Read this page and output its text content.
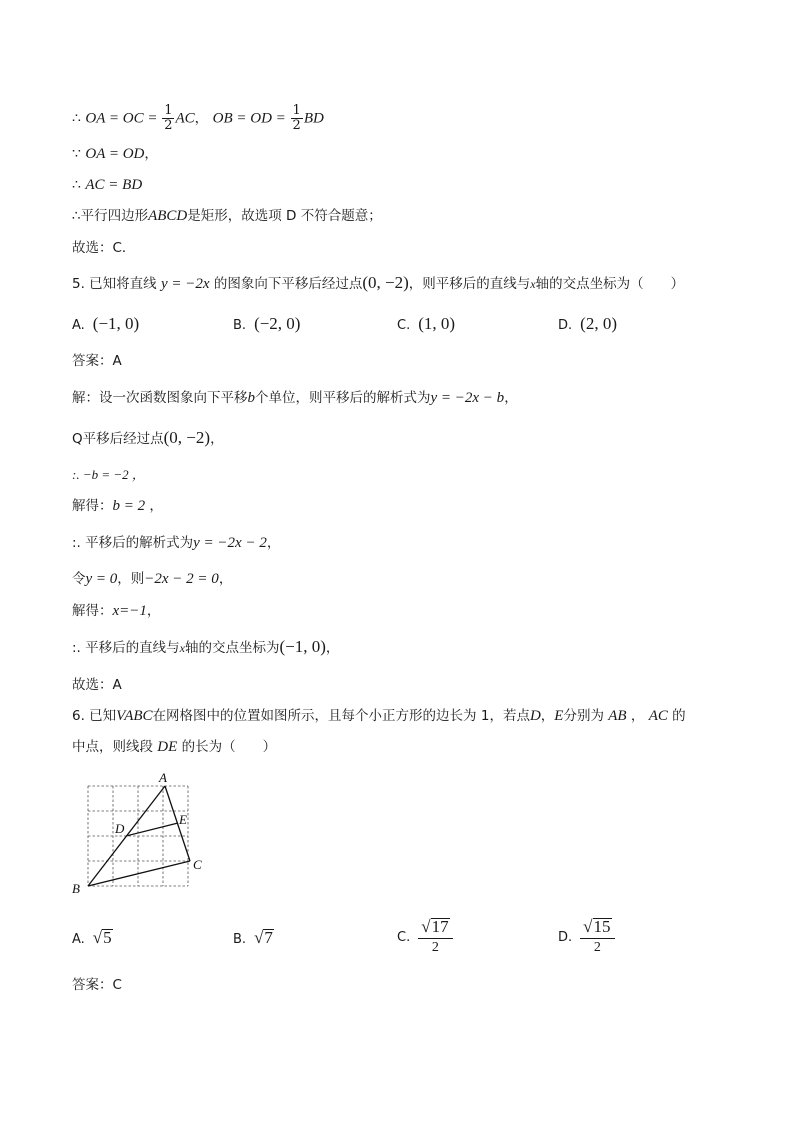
∴ OA = OC = $\frac{1}{2}$ AC， OB = OD = $\frac{1}{2}$ BD
∵ OA = OD，
∴ AC = BD
∴平行四边形ABCD是矩形，故选项 D 不符合题意；
故选：C．
5. 已知将直线 y = −2x 的图象向下平移后经过点(0, −2)，则平移后的直线与x轴的交点坐标为（　　）
A. (−1, 0)	B. (−2, 0)	C. (1, 0)	D. (2, 0)
答案：A
解：设一次函数图象向下平移b个单位，则平移后的解析式为y = −2x − b，
Q平移后经过点(0, −2)，
:. −b = −2 ，
解得：b = 2 ，
:. 平移后的解析式为y = −2x − 2，
令y = 0，则−2x − 2 = 0，
解得：x=−1，
:. 平移后的直线与x轴的交点坐标为(−1, 0)，
故选：A
6. 已知VABC在网格图中的位置如图所示，且每个小正方形的边长为 1，若点D，E分别为 AB ， AC 的
中点，则线段 DE 的长为（　　）
A
B
C
D
E
A. √5	B. √7	C. $\frac{√17}{2}$	D. $\frac{√15}{2}$
答案：C
